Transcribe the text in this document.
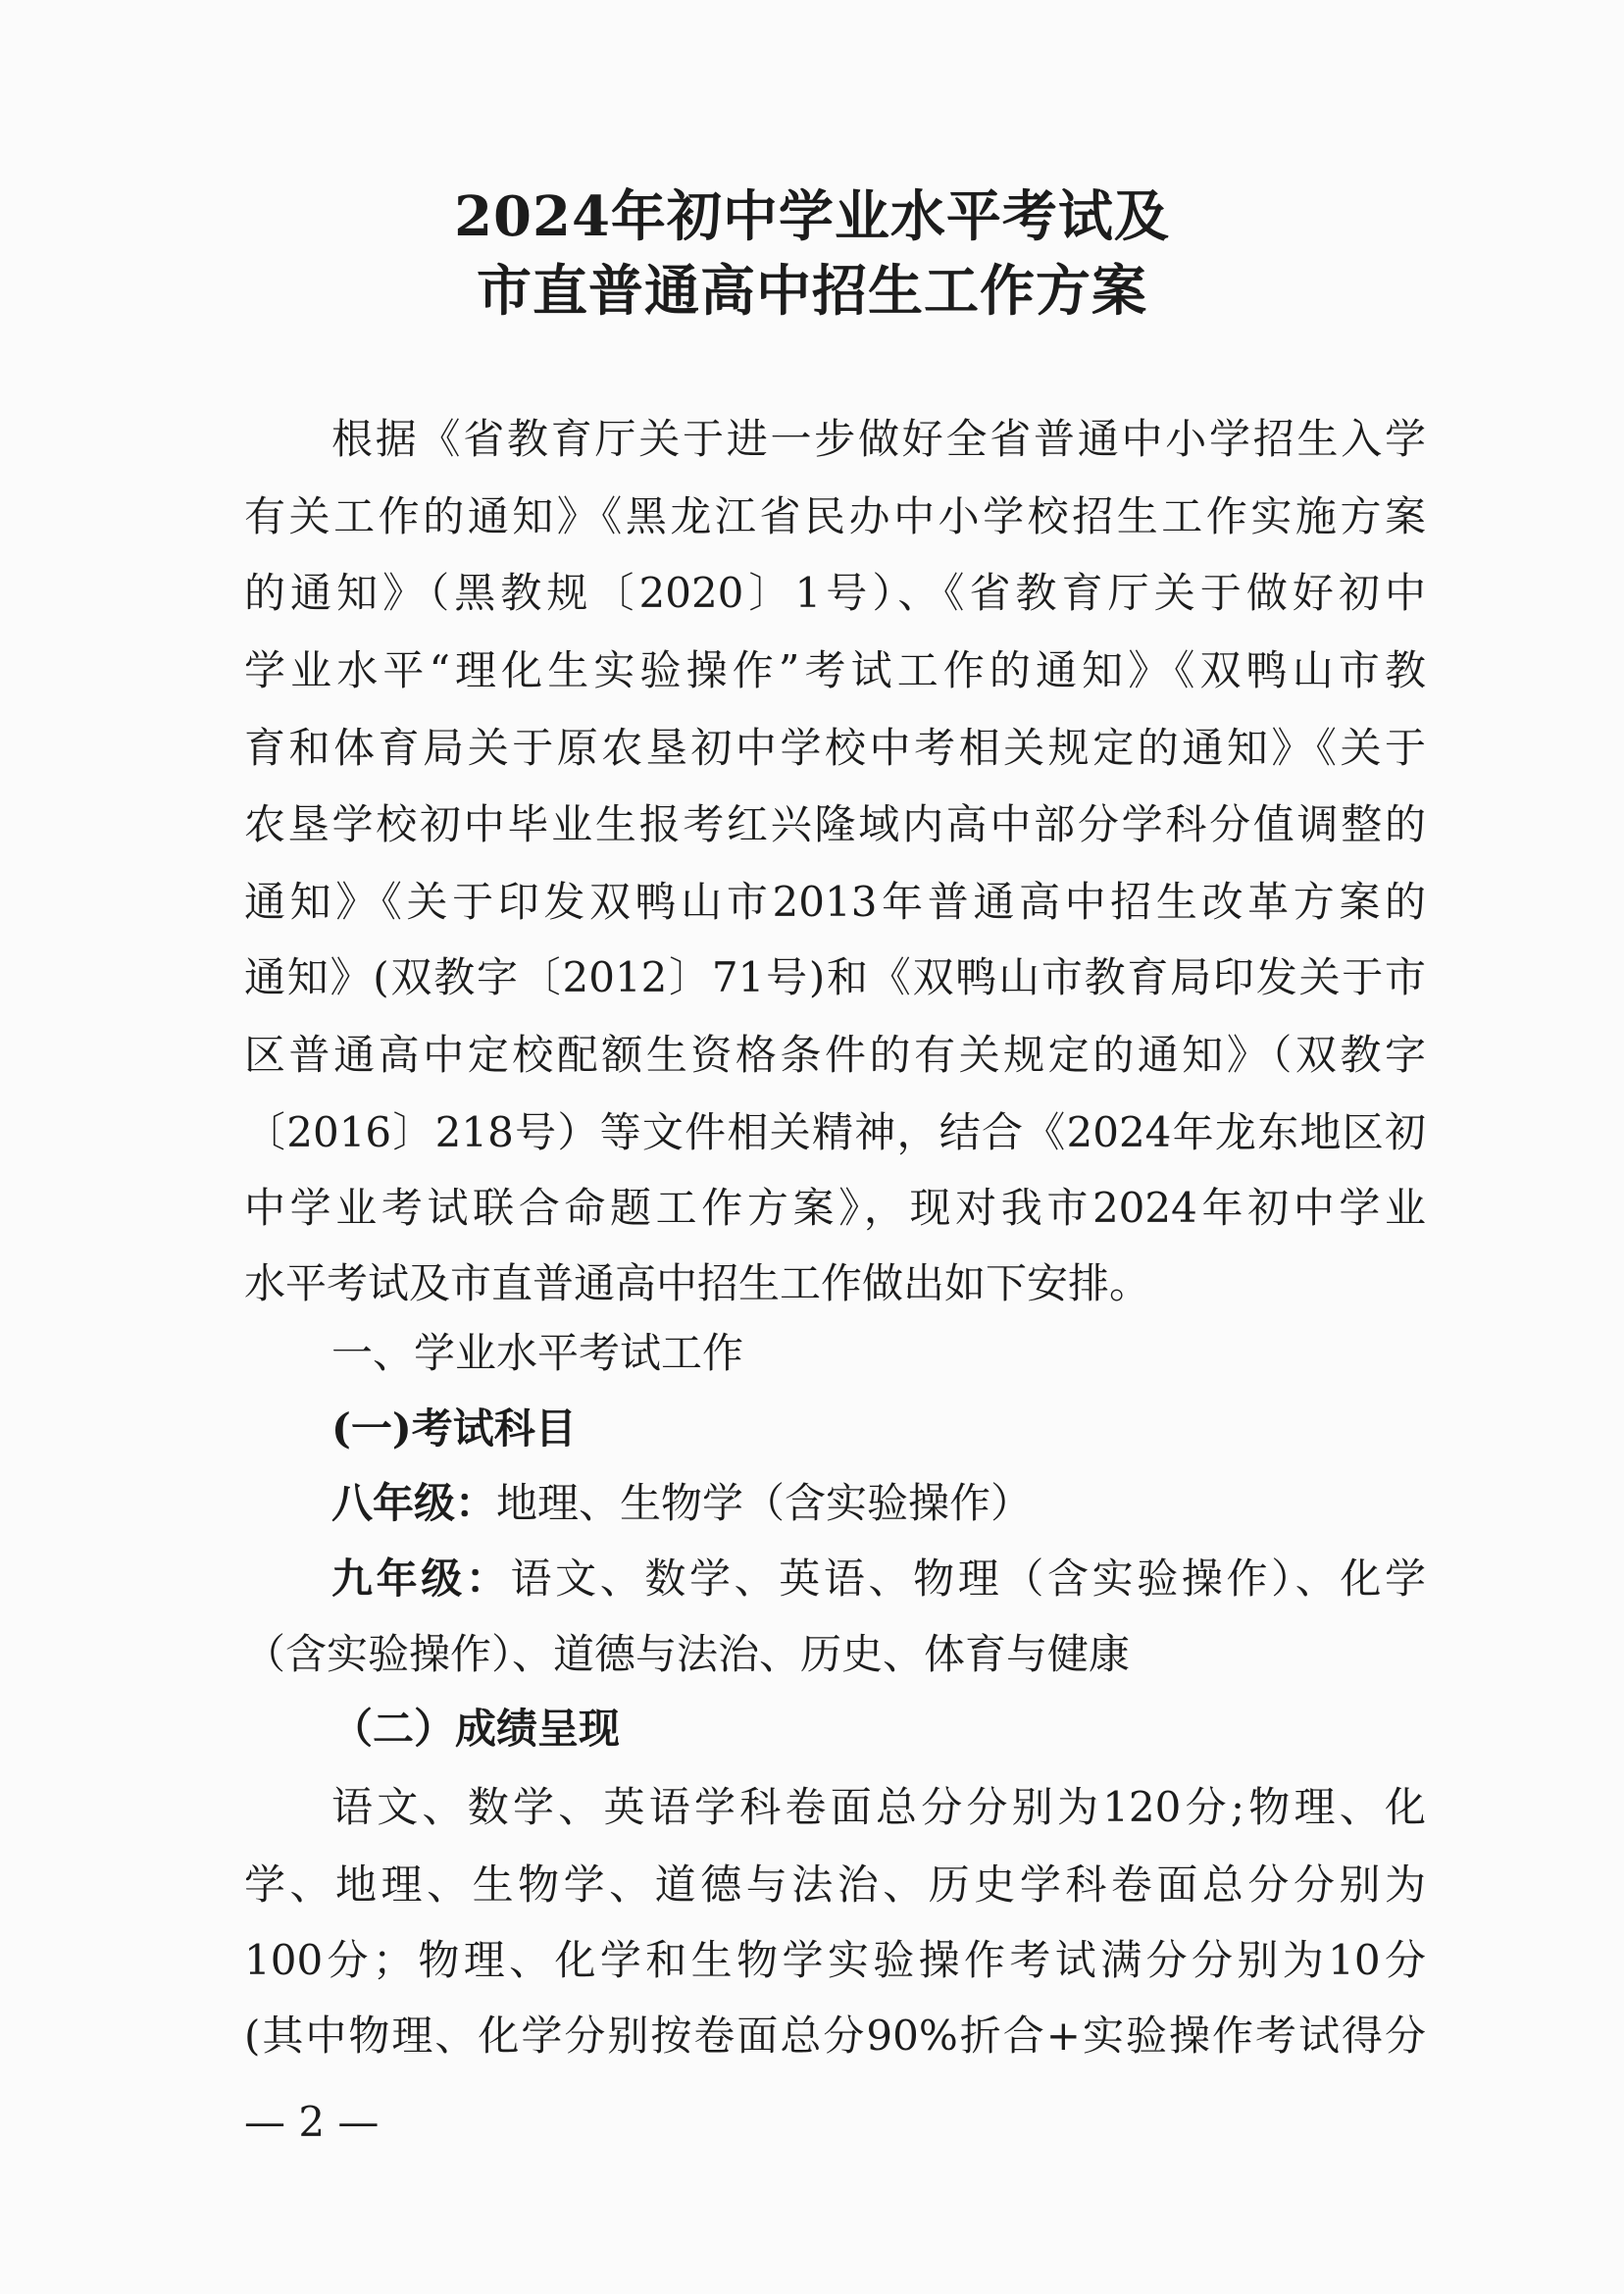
2024年初中学业水平考试及
市直普通高中招生工作方案
根据《省教育厅关于进一步做好全省普通中小学招生入学
有关工作的通知》《黑龙江省民办中小学校招生工作实施方案
的通知》（黑教规〔2020〕1号）、《省教育厅关于做好初中
学业水平“理化生实验操作”考试工作的通知》《双鸭山市教
育和体育局关于原农垦初中学校中考相关规定的通知》《关于
农垦学校初中毕业生报考红兴隆域内高中部分学科分值调整的
通知》《关于印发双鸭山市2013年普通高中招生改革方案的
通知》(双教字〔2012〕71号)和《双鸭山市教育局印发关于市
区普通高中定校配额生资格条件的有关规定的通知》（双教字
〔2016〕218号）等文件相关精神，结合《2024年龙东地区初
中学业考试联合命题工作方案》，现对我市2024年初中学业
水平考试及市直普通高中招生工作做出如下安排。
一、学业水平考试工作
(一)考试科目
八年级：地理、生物学（含实验操作）
九年级：语文、数学、英语、物理（含实验操作）、化学
（含实验操作）、道德与法治、历史、体育与健康
（二）成绩呈现
语文、数学、英语学科卷面总分分别为120分;物理、化
学、地理、生物学、道德与法治、历史学科卷面总分分别为
100分；物理、化学和生物学实验操作考试满分分别为10分
(其中物理、化学分别按卷面总分90%折合+实验操作考试得分
— 2 —
